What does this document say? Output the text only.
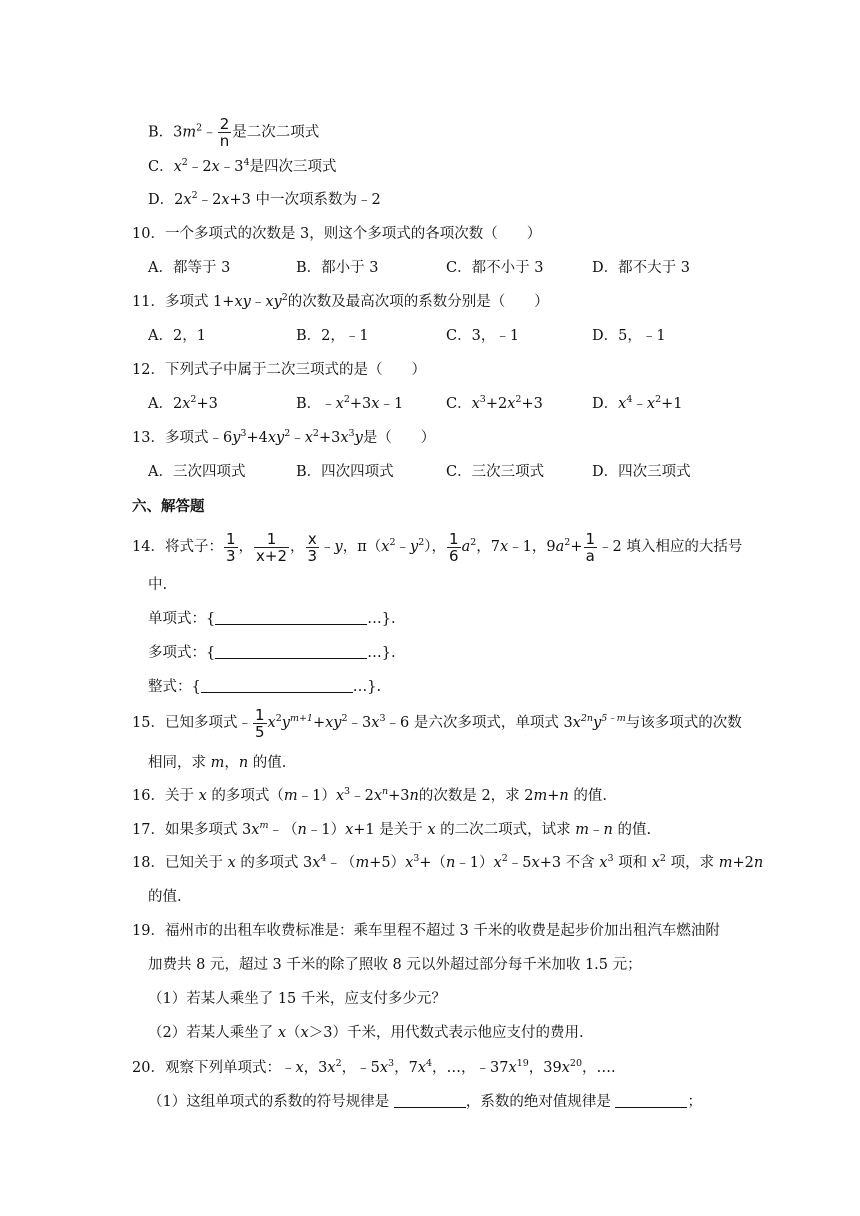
B．$3m^2﹣ \frac{2}{n}$ 是二次二项式
C．$x^2﹣2x﹣3^4$是四次三项式
D．$2x^2﹣2x+3$ 中一次项系数为﹣2
10．一个多项式的次数是 3，则这个多项式的各项次数（　　）
A．都等于 3	B．都小于 3	C．都不小于 3	D．都不大于 3
11．多项式 $1+xy﹣xy^2$的次数及最高次项的系数分别是（　　）
A．2，1	B．2，﹣1	C．3，﹣1	D．5，﹣1
12．下列式子中属于二次三项式的是（　　）
A．$2x^2+3$	B．$﹣x^2+3x﹣1$	C．$x^3+2x^2+3$	D．$x^4﹣x^2+1$
13．多项式$﹣6y^3+4xy^2﹣x^2+3x^3y$是（　　）
A．三次四项式	B．四次四项式	C．三次三项式	D．四次三项式
六、解答题
14．将式子： $\frac{1}{3}$ ， $\frac{1}{x+2}$ ， $\frac{x}{3}$ ﹣y，$\pi(x^2﹣y^2)$， $\frac{1}{6} a^2$，7x﹣1，$9a^2+ \frac{1}{a}$ ﹣2 填入相应的大括号
中.
单项式：{	…}.
多项式：{	…}.
整式：{	…}.
15．已知多项式﹣ $\frac{1}{5}$ $x^2y^{m+1}+xy^2﹣3x^3﹣6$ 是六次多项式，单项式 $3x^{2n}y^{5﹣m}$与该多项式的次数
相同，求 m，n 的值.
16．关于 x 的多项式$(m﹣1)x^3﹣2x^n+3n$的次数是 2，求 2m+n 的值.
17．如果多项式 $3x^m﹣(n﹣1)x+1$ 是关于 x 的二次二项式，试求 m﹣n 的值.
18．已知关于 x 的多项式 $3x^4﹣(m+5)x^3+(n﹣1)x^2﹣5x+3$ 不含 $x^3$ 项和 $x^2$ 项，求 m+2n
的值.
19．福州市的出租车收费标准是：乘车里程不超过 3 千米的收费是起步价加出租汽车燃油附
加费共 8 元，超过 3 千米的除了照收 8 元以外超过部分每千米加收 1.5 元；
（1）若某人乘坐了 15 千米，应支付多少元？
（2）若某人乘坐了 x（x＞3）千米，用代数式表示他应支付的费用.
20．观察下列单项式：﹣x，$3x^2$，$﹣5x^3$，$7x^4$，…，$﹣37x^{19}$，$39x^{20}$，….
（1）这组单项式的系数的符号规律是	，系数的绝对值规律是	；
